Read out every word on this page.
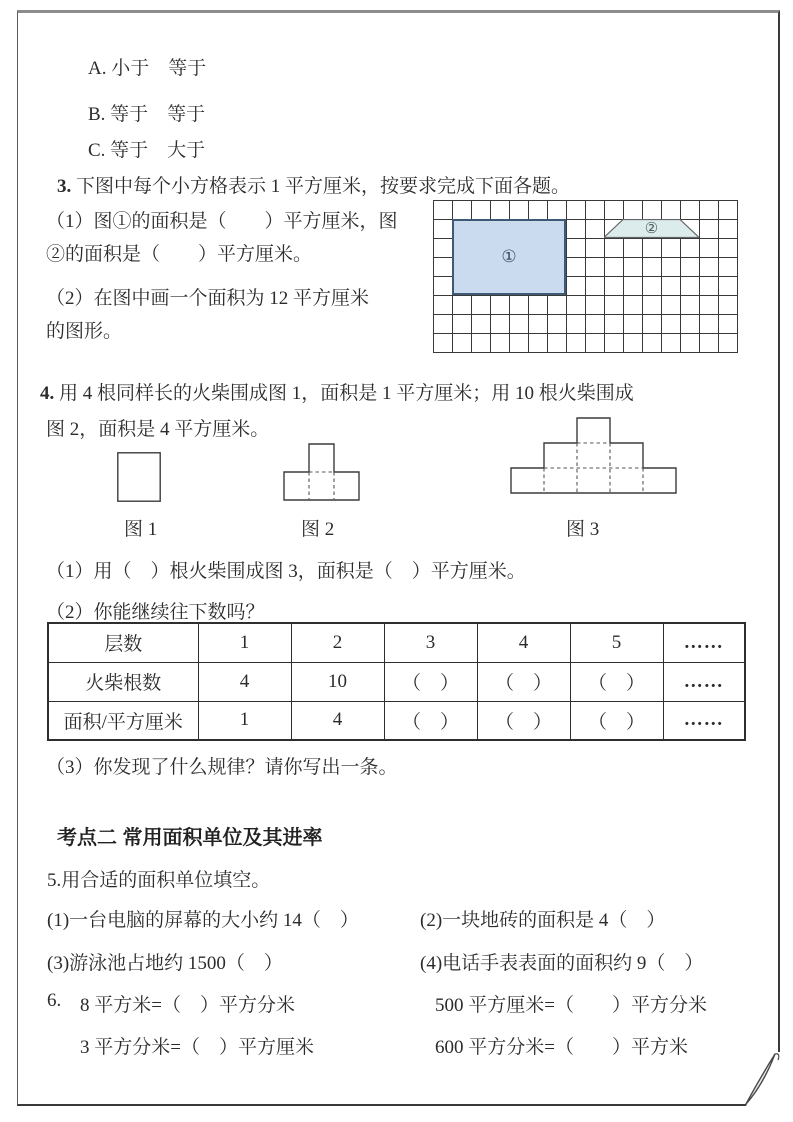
A. 小于　等于
B. 等于　等于
C. 等于　大于
3. 下图中每个小方格表示 1 平方厘米，按要求完成下面各题。
（1）图①的面积是（　　）平方厘米，图
②的面积是（　　）平方厘米。
（2）在图中画一个面积为 12 平方厘米
的图形。
①
②
4. 用 4 根同样长的火柴围成图 1，面积是 1 平方厘米；用 10 根火柴围成
图 2，面积是 4 平方厘米。
图 1	图 2	图 3
（1）用（　）根火柴围成图 3，面积是（　）平方厘米。
（2）你能继续往下数吗？
层数	1	2	3	4	5	……
火柴根数	4	10	（　）	（　）	（　）	……
面积/平方厘米	1	4	（　）	（　）	（　）	……
（3）你发现了什么规律？请你写出一条。
考点二 常用面积单位及其进率
5.用合适的面积单位填空。
(1)一台电脑的屏幕的大小约 14（　）	(2)一块地砖的面积是 4（　）
(3)游泳池占地约 1500（　）	(4)电话手表表面的面积约 9（　）
6. 8 平方米=（　）平方分米	500 平方厘米=（　　）平方分米
3 平方分米=（　）平方厘米	600 平方分米=（　　）平方米
